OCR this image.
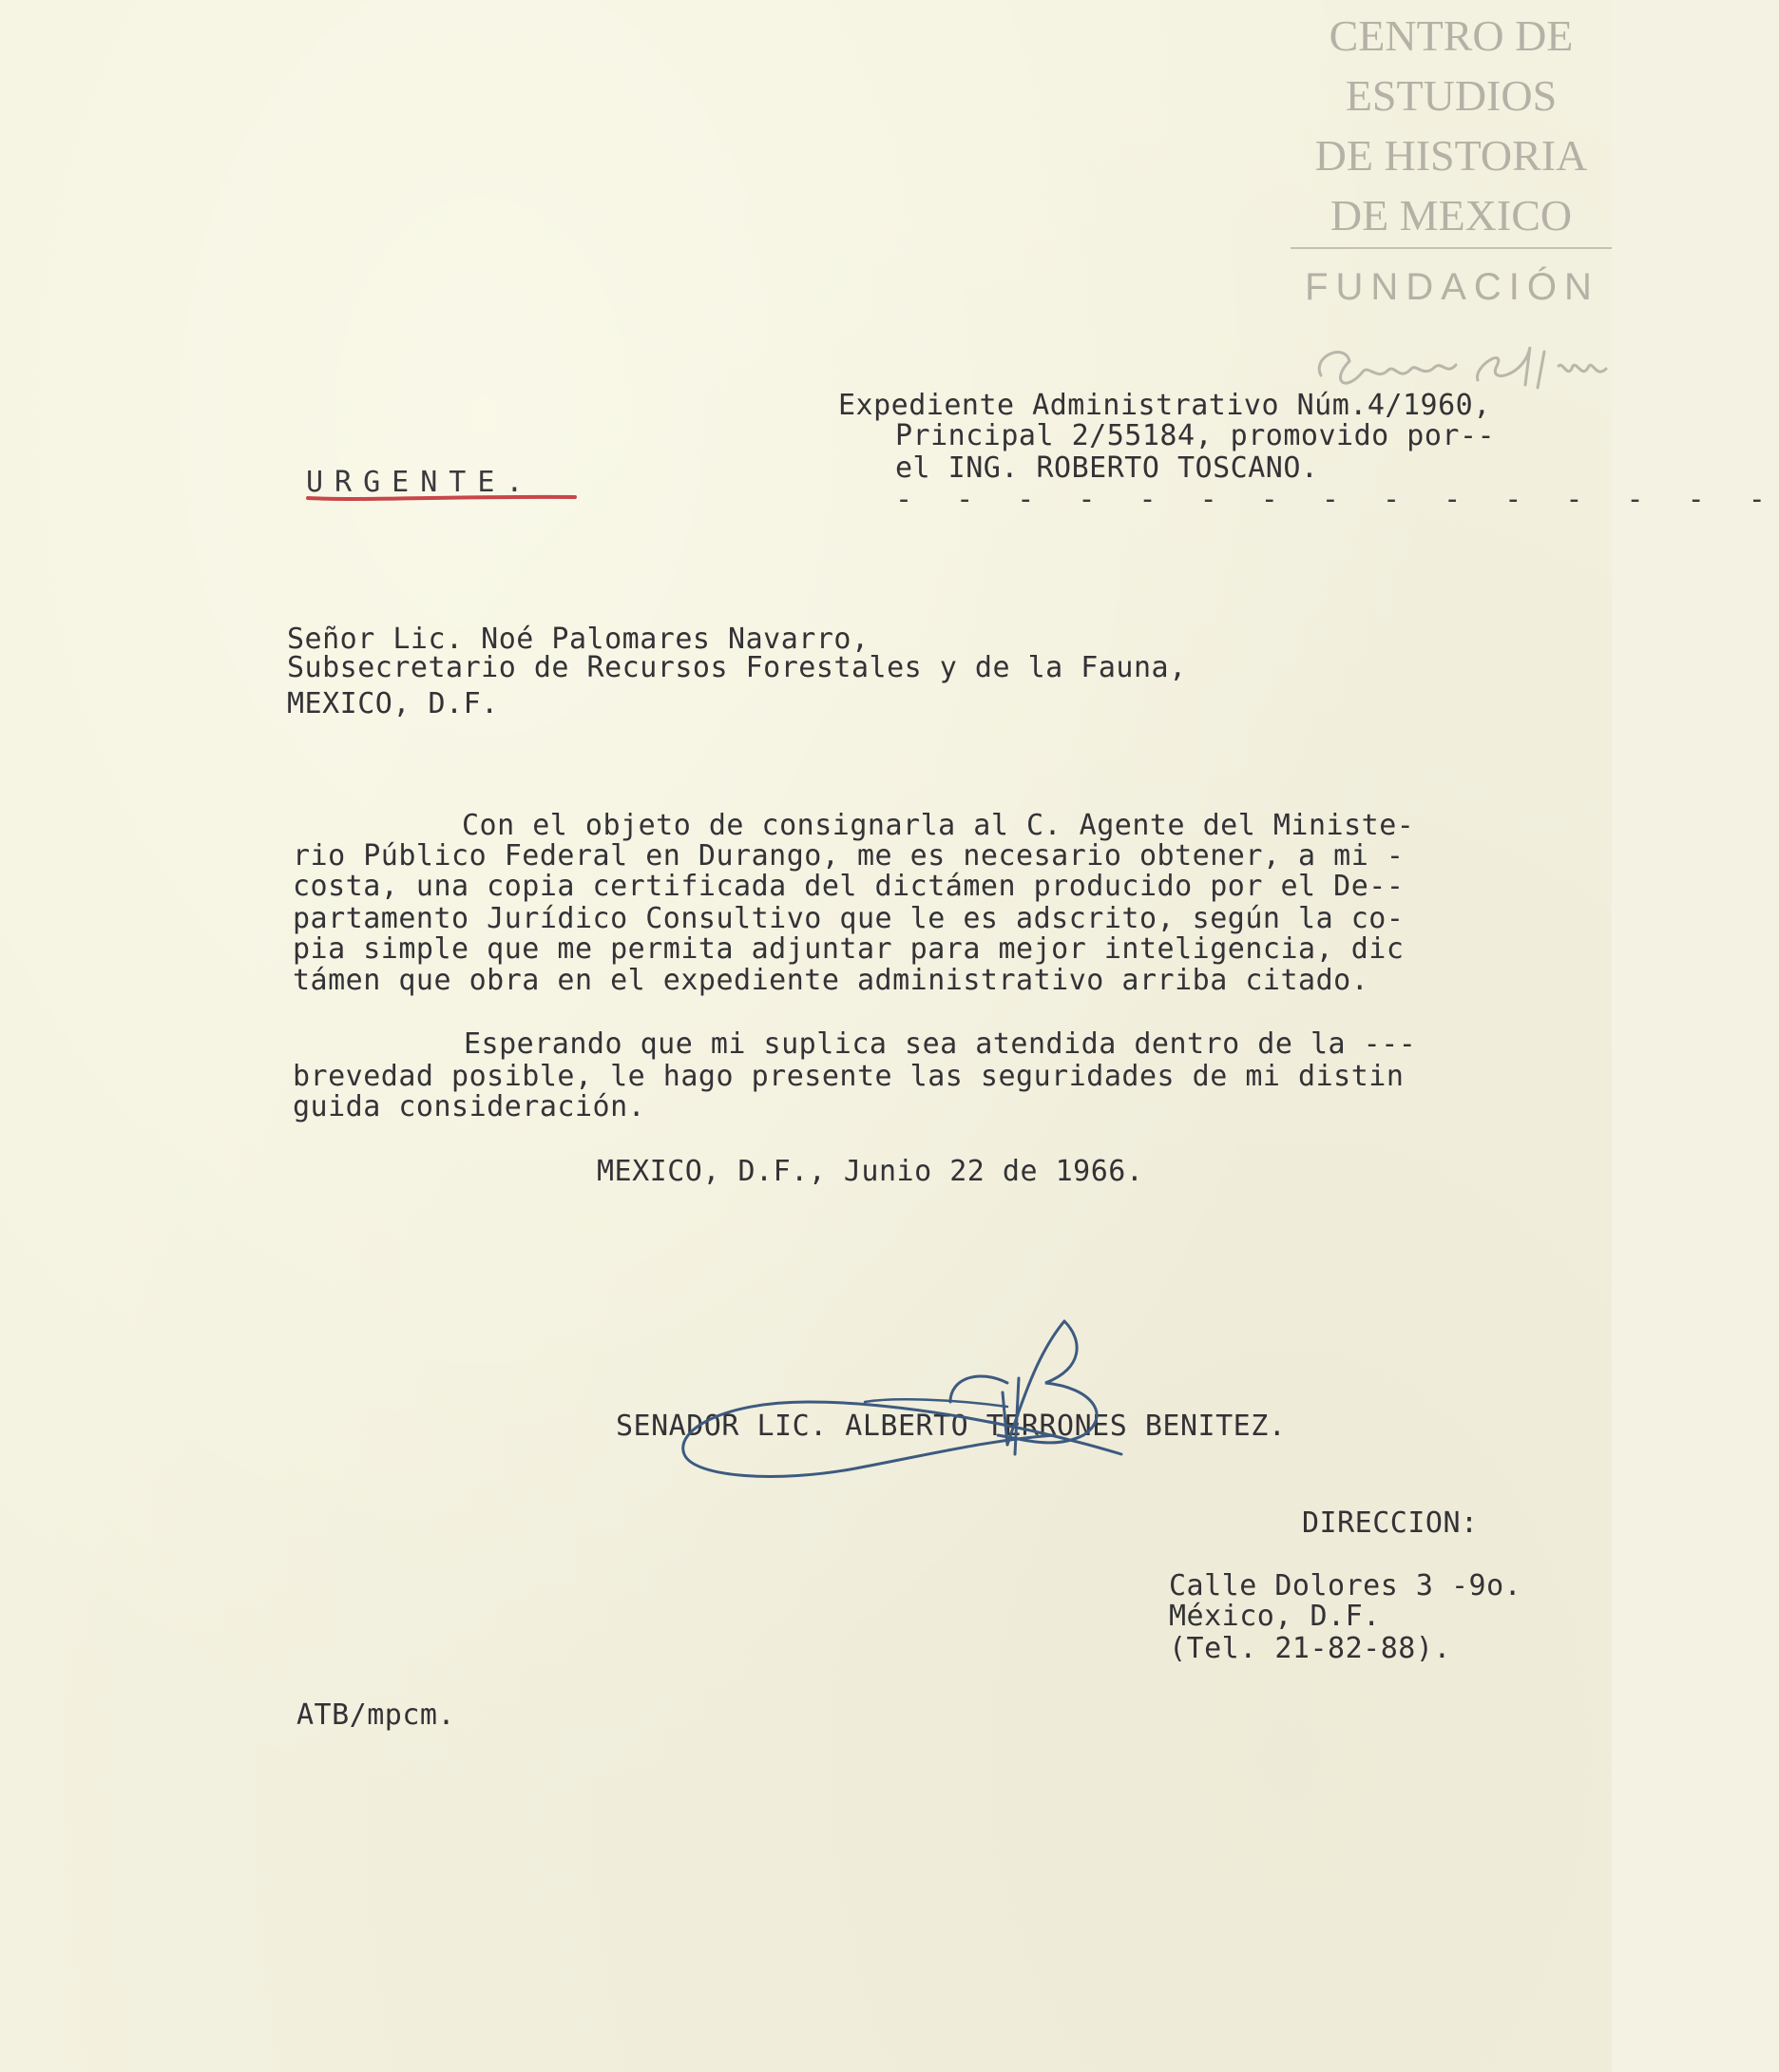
CENTRO DE
ESTUDIOS
DE HISTORIA
DE MEXICO
FUNDACIÓN
Expediente Administrativo Núm.4/1960,
Principal 2/55184, promovido por--
el ING. ROBERTO TOSCANO.
- - - - - - - - - - - - - - -
URGENTE.
Señor Lic. Noé Palomares Navarro,
Subsecretario de Recursos Forestales y de la Fauna,
MEXICO, D.F.
Con el objeto de consignarla al C. Agente del Ministe-
rio Público Federal en Durango, me es necesario obtener, a mi -
costa, una copia certificada del dictámen producido por el De--
partamento Jurídico Consultivo que le es adscrito, según la co-
pia simple que me permita adjuntar para mejor inteligencia, dic
támen que obra en el expediente administrativo arriba citado.
Esperando que mi suplica sea atendida dentro de la ---
brevedad posible, le hago presente las seguridades de mi distin
guida consideración.
MEXICO, D.F., Junio 22 de 1966.
SENADOR LIC. ALBERTO TERRONES BENITEZ.
DIRECCION:
Calle Dolores 3 -9o.
México, D.F.
(Tel. 21-82-88).
ATB/mpcm.
